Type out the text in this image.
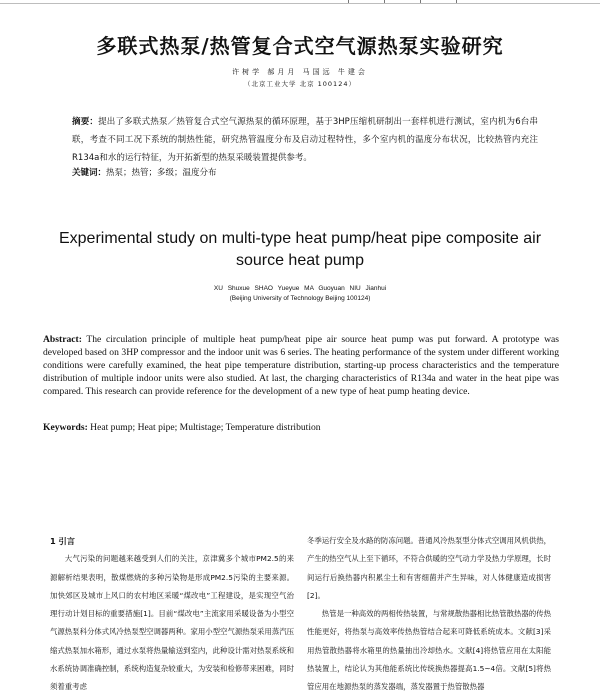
多联式热泵/热管复合式空气源热泵实验研究
许树学 郝月月 马国远 牛建会
（北京工业大学 北京 100124）
摘要：提出了多联式热泵／热管复合式空气源热泵的循环原理，基于3HP压缩机研制出一套样机进行测试，室内机为6台串联，考查不同工况下系统的制热性能，研究热管温度分布及启动过程特性，多个室内机的温度分布状况，比较热管内充注R134a和水的运行特征，为开拓新型的热泵采暖装置提供参考。
关键词：热泵；热管；多级；温度分布
Experimental study on multi-type heat pump/heat pipe composite air source heat pump
XU Shuxue SHAO Yueyue MA Guoyuan NIU Jianhui
(Beijing University of Technology Beijing 100124)
Abstract: The circulation principle of multiple heat pump/heat pipe air source heat pump was put forward. A prototype was developed based on 3HP compressor and the indoor unit was 6 series. The heating performance of the system under different working conditions were carefully examined, the heat pipe temperature distribution, starting-up process characteristics and the temperature distribution of multiple indoor units were also studied. At last, the charging characteristics of R134a and water in the heat pipe was compared. This research can provide reference for the development of a new type of heat pump heating device.
Keywords: Heat pump; Heat pipe; Multistage; Temperature distribution

1 引言

大气污染的问题越来越受到人们的关注，京津冀多个城市PM2.5的来源解析结果表明，散煤燃烧的多种污染物是形成PM2.5污染的主要来源。加快郊区及城市上风口的农村地区采暖“煤改电”工程建设，是实现空气治理行动计划目标的重要措施[1]。目前“煤改电”主流家用采暖设备为小型空气源热泵科分体式风冷热泵型空调器两种。家用小型空气源热泵采用蒸汽压缩式热泵加水箱形，通过水泵将热量输送到室内，此种设计需对热泵系统和水系统协调准确控制，系统构造复杂较重大，为安装和检修带来困难，同时须着重考虑

冬季运行安全及水路的防冻问题。普通风冷热泵型分体式空调用风机供热，产生的热空气从上至下循环，不符合供暖的空气动力学及热力学原理，长时间运行后换热器内积累尘土和有害细菌并产生异味，对人体健康造成损害[2]。

热管是一种高效的两相传热装置，与常规散热器相比热管散热器的传热性能更好，将热泵与高效率传热热管结合起来可降低系统成本。文献[3]采用热管散热器将水箱里的热量抽出冷却热水。文献[4]将热管应用在太阳能热装置上，结论认为其他能系统比传统换热器提高1.5~4倍。文献[5]将热管应用在地源热泵的蒸发器端，蒸发器置于热管散热器
